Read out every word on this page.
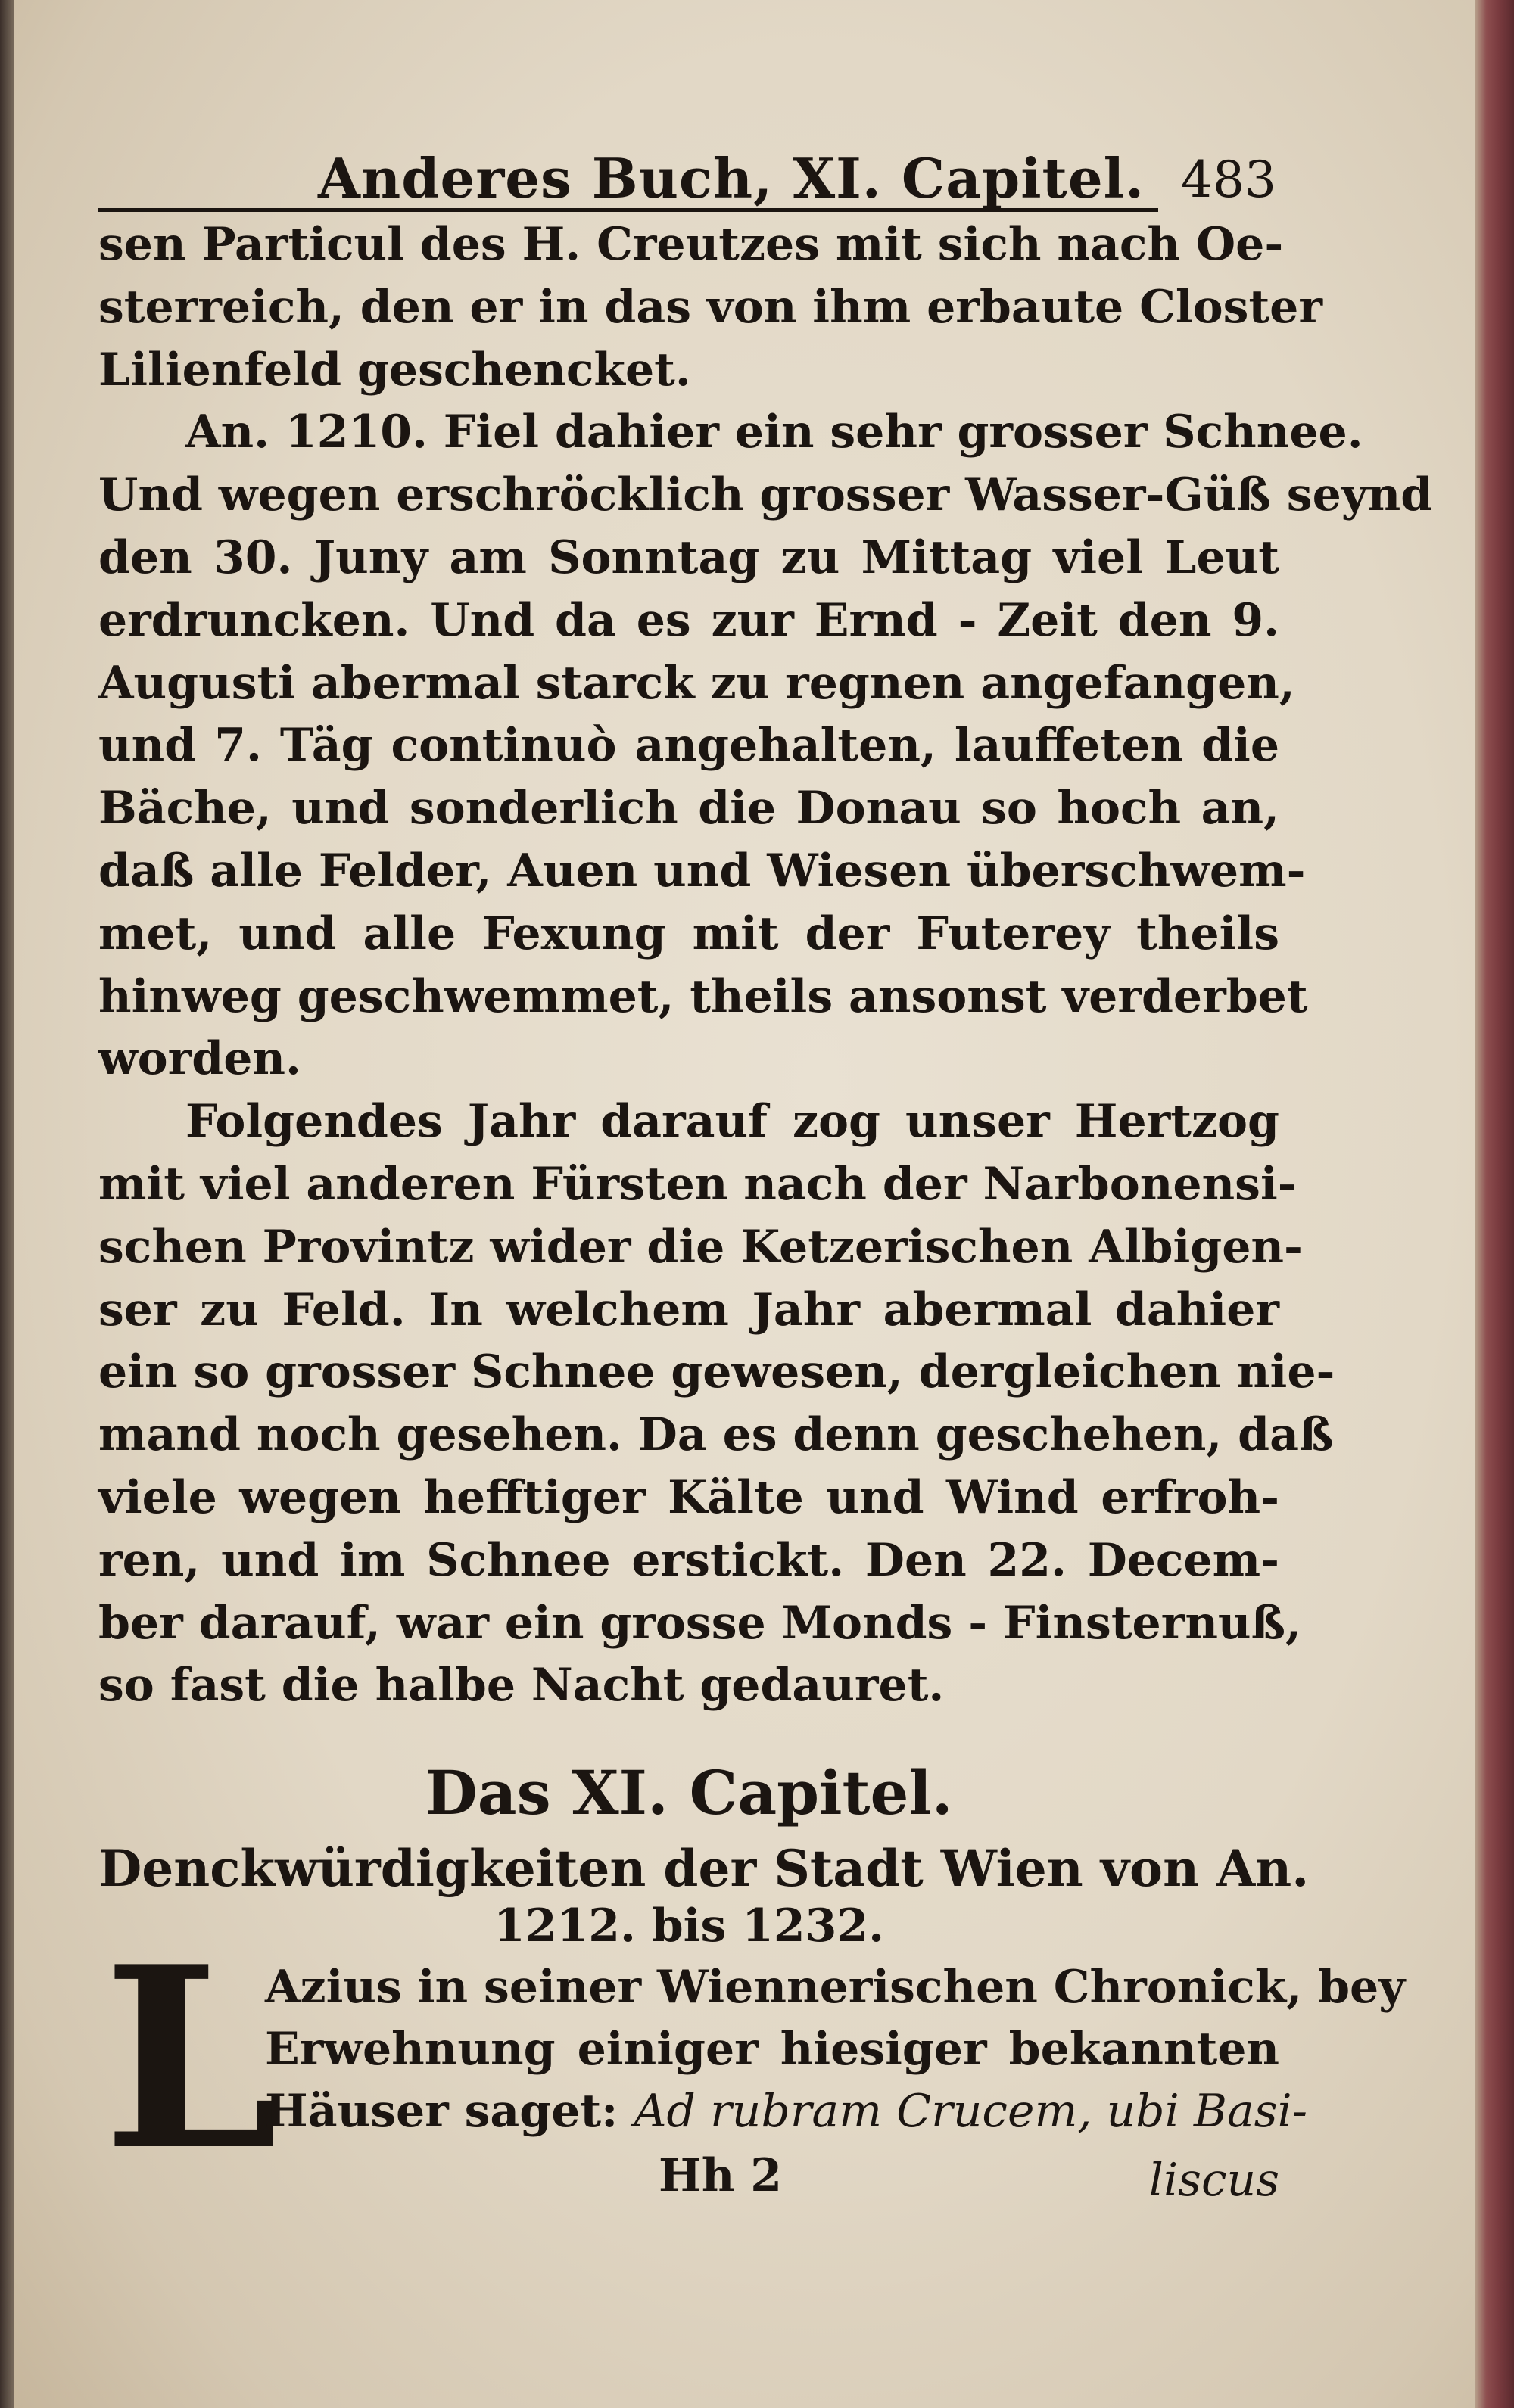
Anderes Buch, XI. Capitel. 483
sen Particul des H. Creutzes mit sich nach Oe-
sterreich, den er in das von ihm erbaute Closter
Lilienfeld geschencket.
An. 1210. Fiel dahier ein sehr grosser Schnee.
Und wegen erschröcklich grosser Wasser-Güß seynd
den 30. Juny am Sonntag zu Mittag viel Leut
erdruncken. Und da es zur Ernd - Zeit den 9.
Augusti abermal starck zu regnen angefangen,
und 7. Täg continuò angehalten, lauffeten die
Bäche, und sonderlich die Donau so hoch an,
daß alle Felder, Auen und Wiesen überschwem-
met, und alle Fexung mit der Futerey theils
hinweg geschwemmet, theils ansonst verderbet
worden.
Folgendes Jahr darauf zog unser Hertzog
mit viel anderen Fürsten nach der Narbonensi-
schen Provintz wider die Ketzerischen Albigen-
ser zu Feld. In welchem Jahr abermal dahier
ein so grosser Schnee gewesen, dergleichen nie-
mand noch gesehen. Da es denn geschehen, daß
viele wegen hefftiger Kälte und Wind erfroh-
ren, und im Schnee erstickt. Den 22. Decem-
ber darauf, war ein grosse Monds - Finsternuß,
so fast die halbe Nacht gedauret.
Das XI. Capitel.
Denckwürdigkeiten der Stadt Wien von An.
1212. bis 1232.
L
Azius in seiner Wiennerischen Chronick, bey
Erwehnung einiger hiesiger bekannten
Häuser saget: Ad rubram Crucem, ubi Basi-
Hh 2	liscus
